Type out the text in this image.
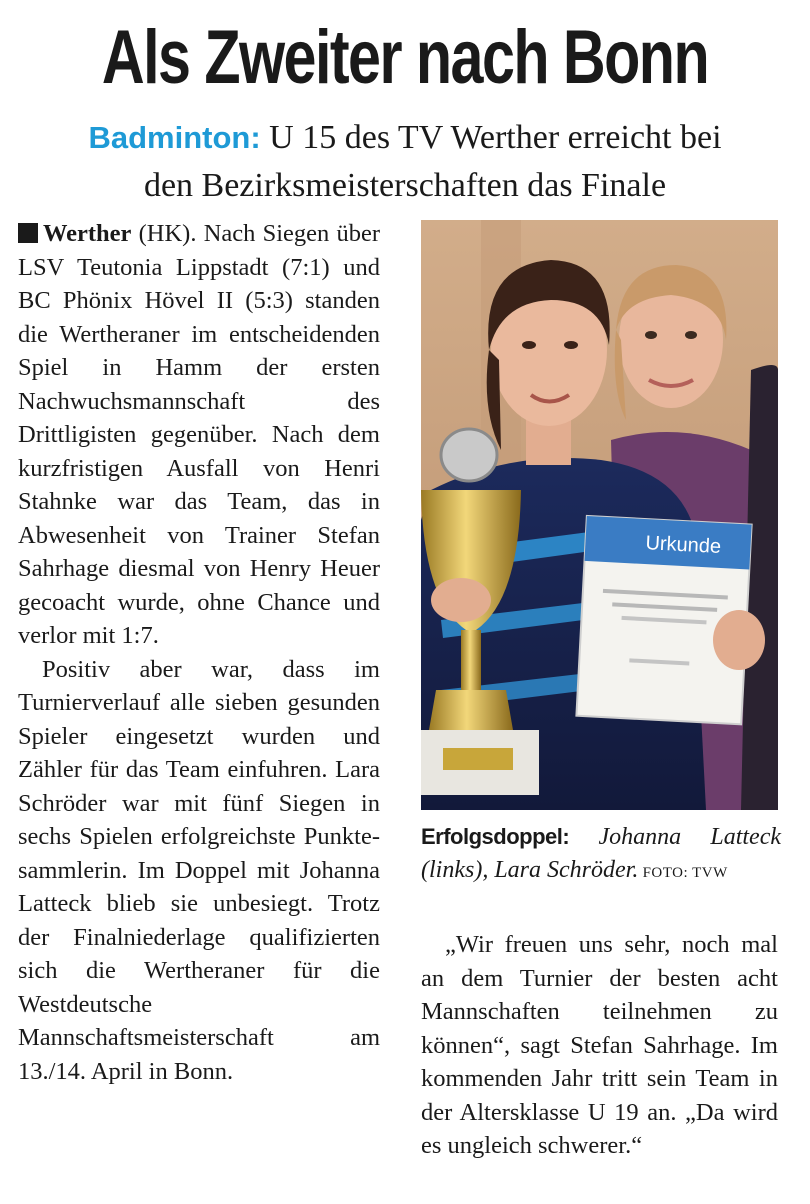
Als Zweiter nach Bonn
Badminton: U 15 des TV Werther erreicht bei
den Bezirksmeisterschaften das Finale

Werther (HK). Nach Siegen über LSV Teutonia Lippstadt (7:1) und BC Phönix Hövel II (5:3) standen die Wertheraner im entscheidenden Spiel in Hamm der ersten Nachwuchsmannschaft des Drittligisten gegenüber. Nach dem kurzfristigen Ausfall von Henri Stahnke war das Team, das in Abwesenheit von Trainer Stefan Sahrhage diesmal von Henry Heuer gecoacht wurde, ohne Chance und verlor mit 1:7.

Positiv aber war, dass im Turnierverlauf alle sieben gesunden Spieler eingesetzt wurden und Zähler für das Team einfuhren. Lara Schröder war mit fünf Siegen in sechs Spielen erfolgreichste Punktesammlerin. Im Doppel mit Johanna Latteck blieb sie unbesiegt. Trotz der Finalniederlage qualifizierten sich die Wertheraner für die Westdeutsche Mannschaftsmeisterschaft am 13./14. April in Bonn.

Urkunde
Erfolgsdoppel: Johanna Latteck (links), Lara Schröder. FOTO: TVW

„Wir freuen uns sehr, noch mal an dem Turnier der besten acht Mannschaften teilnehmen zu können“, sagt Stefan Sahrhage. Im kommenden Jahr tritt sein Team in der Altersklasse U 19 an. „Da wird es ungleich schwerer.“
